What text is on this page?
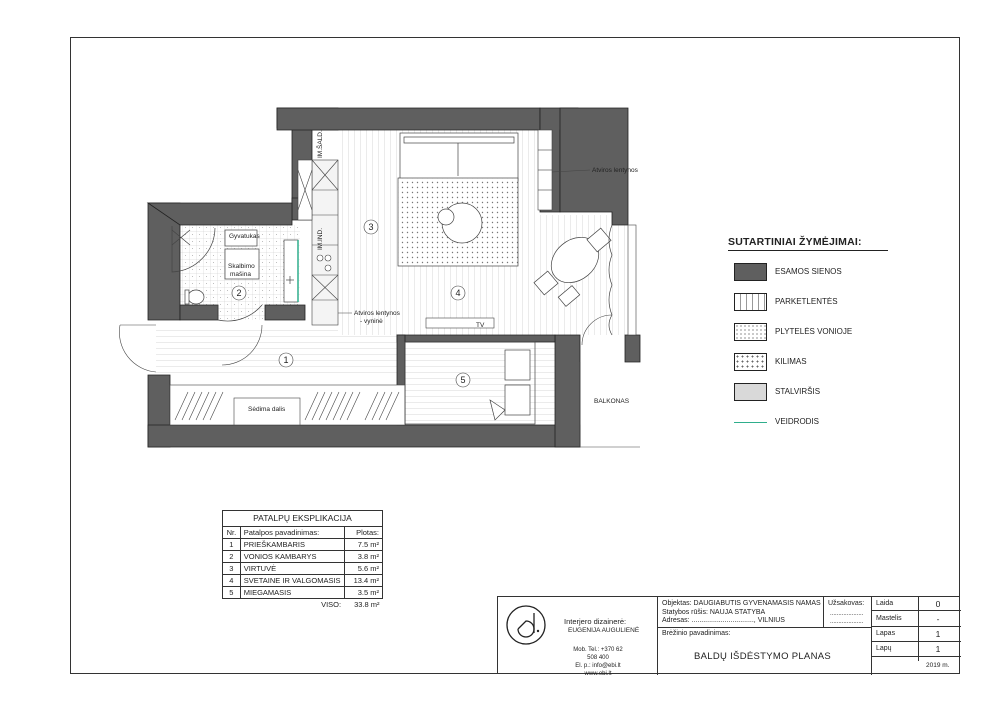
1
2
3
4
5
IM.ŠALD.
IM.IND.
Gyvatukas
Skalbimo
mašina
Atviros lentynos
Atviros lentynos
- vyninė
TV
Sėdima dalis
BALKONAS
SUTARTINIAI ŽYMĖJIMAI:
ESAMOS SIENOS
PARKETLENTĖS
PLYTELĖS VONIOJE
KILIMAS
STALVIRŠIS
VEIDRODIS
PATALPŲ EKSPLIKACIJA
Nr.	Patalpos pavadinimas:	Plotas:
1	PRIEŠKAMBARIS	7.5 m²
2	VONIOS KAMBARYS	3.8 m²
3	VIRTUVĖ	5.6 m²
4	SVETAINE IR VALGOMASIS	13.4 m²
5	MIEGAMASIS	3.5 m²
	VISO:	33.8 m²
Interjero dizainerė:
EUGENIJA AUGULIENĖ
Mob. Tel.: +370 62 508 400
El. p.: info@ebi.lt
www.ebi.lt
Objektas: DAUGIABUTIS GYVENAMASIS NAMAS
Statybos rūšis: NAUJA STATYBA
Adresas: ................................, VILNIUS
Užsakovas:
....................
....................
Brėžinio pavadinimas:
BALDŲ IŠDĖSTYMO PLANAS
Laida	0
Mastelis	-
Lapas	1
Lapų	1
2019 m.
